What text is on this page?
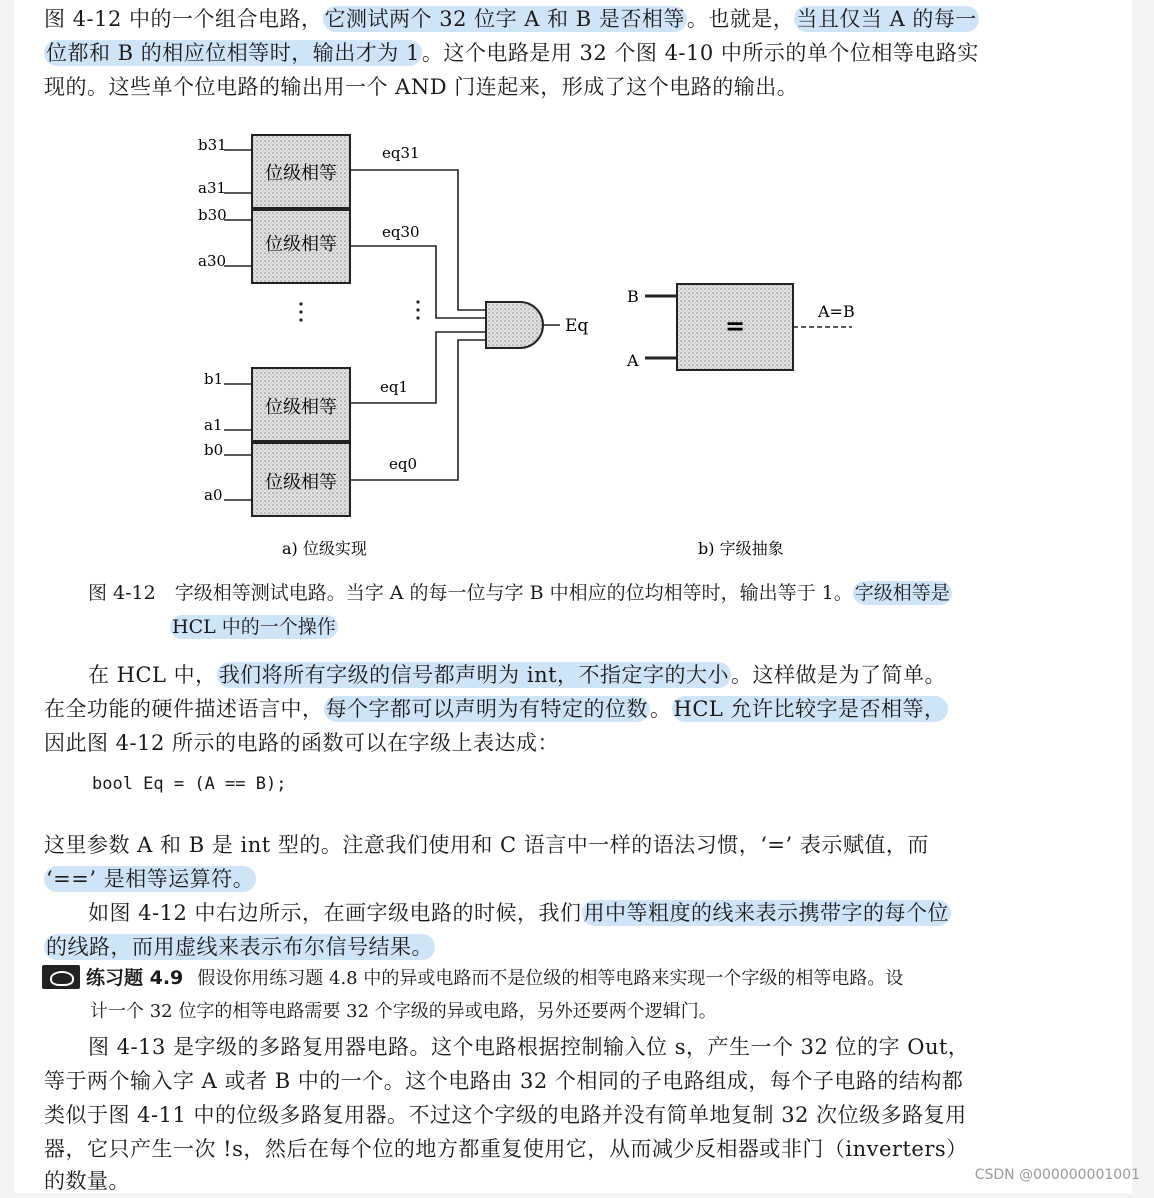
图 4-12 中的一个组合电路，它测试两个 32 位字 A 和 B 是否相等。也就是，当且仅当 A 的每一

位都和 B 的相应位相等时，输出才为 1。这个电路是用 32 个图 4-10 中所示的单个位相等电路实

现的。这些单个位电路的输出用一个 AND 门连起来，形成了这个电路的输出。

位级相等
位级相等
位级相等
位级相等
b31
a31
b30
a30
b1
a1
b0
a0
eq31
eq30
eq1
eq0
Eq	=
B
A
A=B
a) 位级实现	b) 字级抽象

图 4-12　字级相等测试电路。当字 A 的每一位与字 B 中相应的位均相等时，输出等于 1。 字级相等是

HCL 中的一个操作

在 HCL 中，我们将所有字级的信号都声明为 int，不指定字的大小。这样做是为了简单。

在全功能的硬件描述语言中，每个字都可以声明为有特定的位数。HCL 允许比较字是否相等，

因此图 4-12 所示的电路的函数可以在字级上表达成：

bool Eq = (A == B);

这里参数 A 和 B 是 int 型的。注意我们使用和 C 语言中一样的语法习惯，‘=’ 表示赋值，而

‘==’ 是相等运算符。

如图 4-12 中右边所示，在画字级电路的时候，我们用中等粗度的线来表示携带字的每个位

的线路，而用虚线来表示布尔信号结果。

练习题 4.9 假设你用练习题 4.8 中的异或电路而不是位级的相等电路来实现一个字级的相等电路。设
计一个 32 位字的相等电路需要 32 个字级的异或电路，另外还要两个逻辑门。

图 4-13 是字级的多路复用器电路。这个电路根据控制输入位 s，产生一个 32 位的字 Out，

等于两个输入字 A 或者 B 中的一个。这个电路由 32 个相同的子电路组成，每个子电路的结构都

类似于图 4-11 中的位级多路复用器。不过这个字级的电路并没有简单地复制 32 次位级多路复用

器，它只产生一次 !s，然后在每个位的地方都重复使用它，从而减少反相器或非门（inverters）

的数量。	CSDN @000000001001
